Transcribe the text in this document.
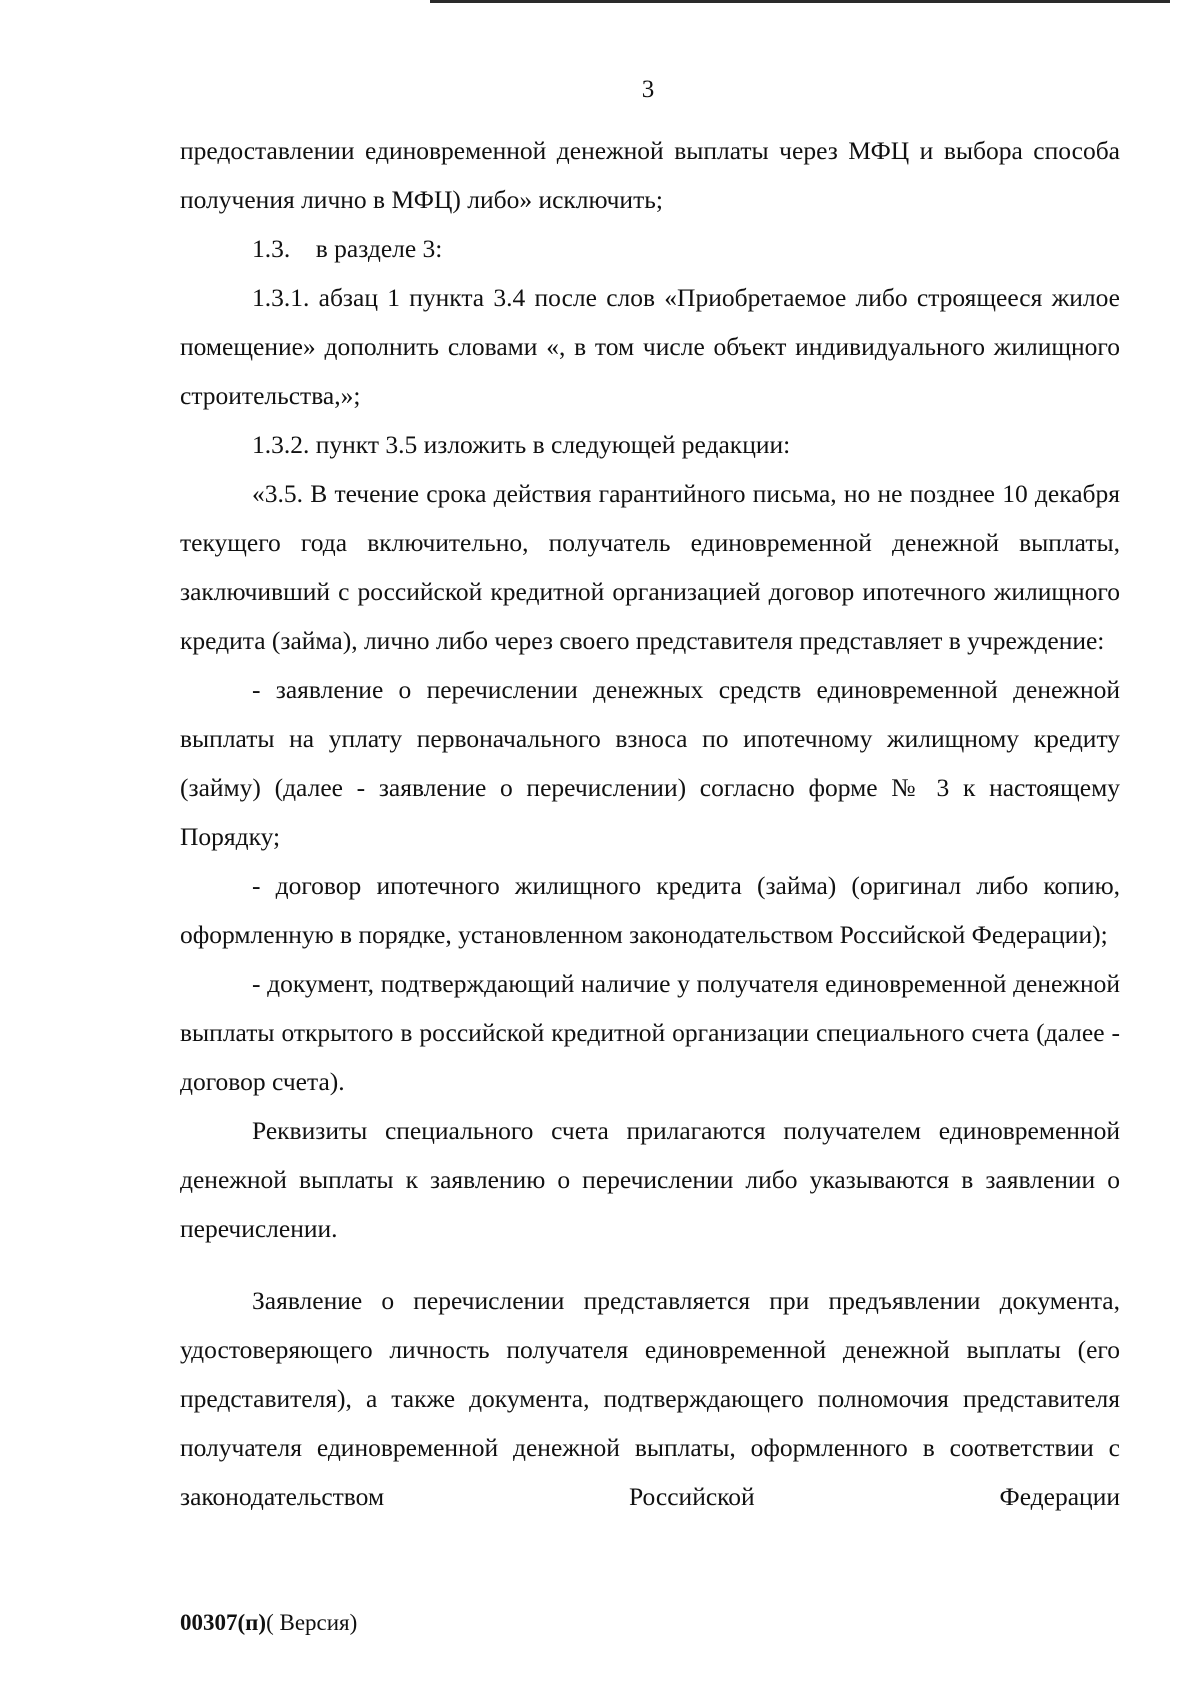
3

предоставлении единовременной денежной выплаты через МФЦ и выбора способа получения лично в МФЦ) либо» исключить;

1.3.    в разделе 3:

1.3.1. абзац 1 пункта 3.4 после слов «Приобретаемое либо строящееся жилое помещение» дополнить словами «, в том числе объект индивидуального жилищного строительства,»;

1.3.2. пункт 3.5 изложить в следующей редакции:

«3.5. В течение срока действия гарантийного письма, но не позднее 10 декабря текущего года включительно, получатель единовременной денежной выплаты, заключивший с российской кредитной организацией договор ипотечного жилищного кредита (займа), лично либо через своего представителя представляет в учреждение:

- заявление о перечислении денежных средств единовременной денежной выплаты на уплату первоначального взноса по ипотечному жилищному кредиту (займу) (далее - заявление о перечислении) согласно форме № 3 к настоящему Порядку;

- договор ипотечного жилищного кредита (займа) (оригинал либо копию, оформленную в порядке, установленном законодательством Российской Федерации);

- документ, подтверждающий наличие у получателя единовременной денежной выплаты открытого в российской кредитной организации специального счета (далее - договор счета).

Реквизиты специального счета прилагаются получателем единовременной денежной выплаты к заявлению о перечислении либо указываются в заявлении о перечислении.

Заявление о перечислении представляется при предъявлении документа, удостоверяющего личность получателя единовременной денежной выплаты (его представителя), а также документа, подтверждающего полномочия представителя получателя единовременной денежной выплаты, оформленного в соответствии с законодательством Российской Федерации

00307(п)( Версия)
